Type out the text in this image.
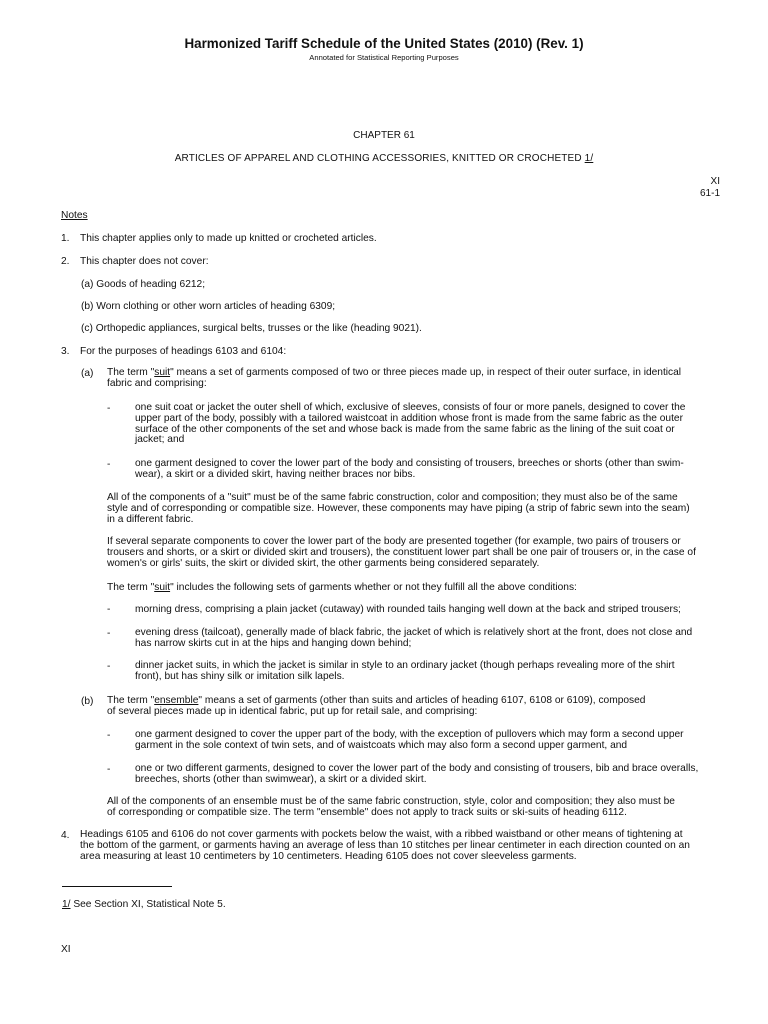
Harmonized Tariff Schedule of the United States (2010) (Rev. 1)
Annotated for Statistical Reporting Purposes
CHAPTER 61
ARTICLES OF APPAREL AND CLOTHING ACCESSORIES, KNITTED OR CROCHETED 1/
XI
61-1
Notes
1. This chapter applies only to made up knitted or crocheted articles.
2. This chapter does not cover:
(a) Goods of heading 6212;
(b) Worn clothing or other worn articles of heading 6309;
(c) Orthopedic appliances, surgical belts, trusses or the like (heading 9021).
3. For the purposes of headings 6103 and 6104:
(a) The term "suit" means a set of garments composed of two or three pieces made up, in respect of their outer surface, in identical
fabric and comprising:
- one suit coat or jacket the outer shell of which, exclusive of sleeves, consists of four or more panels, designed to cover the
upper part of the body, possibly with a tailored waistcoat in addition whose front is made from the same fabric as the outer
surface of the other components of the set and whose back is made from the same fabric as the lining of the suit coat or
jacket; and
- one garment designed to cover the lower part of the body and consisting of trousers, breeches or shorts (other than swim-
wear), a skirt or a divided skirt, having neither braces nor bibs.
All of the components of a "suit" must be of the same fabric construction, color and composition; they must also be of the same
style and of corresponding or compatible size. However, these components may have piping (a strip of fabric sewn into the seam)
in a different fabric.
If several separate components to cover the lower part of the body are presented together (for example, two pairs of trousers or
trousers and shorts, or a skirt or divided skirt and trousers), the constituent lower part shall be one pair of trousers or, in the case of
women's or girls' suits, the skirt or divided skirt, the other garments being considered separately.
The term "suit" includes the following sets of garments whether or not they fulfill all the above conditions:
- morning dress, comprising a plain jacket (cutaway) with rounded tails hanging well down at the back and striped trousers;
- evening dress (tailcoat), generally made of black fabric, the jacket of which is relatively short at the front, does not close and
has narrow skirts cut in at the hips and hanging down behind;
- dinner jacket suits, in which the jacket is similar in style to an ordinary jacket (though perhaps revealing more of the shirt
front), but has shiny silk or imitation silk lapels.
(b) The term "ensemble" means a set of garments (other than suits and articles of heading 6107, 6108 or 6109), composed
of several pieces made up in identical fabric, put up for retail sale, and comprising:
- one garment designed to cover the upper part of the body, with the exception of pullovers which may form a second upper
garment in the sole context of twin sets, and of waistcoats which may also form a second upper garment, and
- one or two different garments, designed to cover the lower part of the body and consisting of trousers, bib and brace overalls,
breeches, shorts (other than swimwear), a skirt or a divided skirt.
All of the components of an ensemble must be of the same fabric construction, style, color and composition; they also must be
of corresponding or compatible size. The term "ensemble" does not apply to track suits or ski-suits of heading 6112.
4. Headings 6105 and 6106 do not cover garments with pockets below the waist, with a ribbed waistband or other means of tightening at
the bottom of the garment, or garments having an average of less than 10 stitches per linear centimeter in each direction counted on an
area measuring at least 10 centimeters by 10 centimeters. Heading 6105 does not cover sleeveless garments.
1/ See Section XI, Statistical Note 5.
XI
